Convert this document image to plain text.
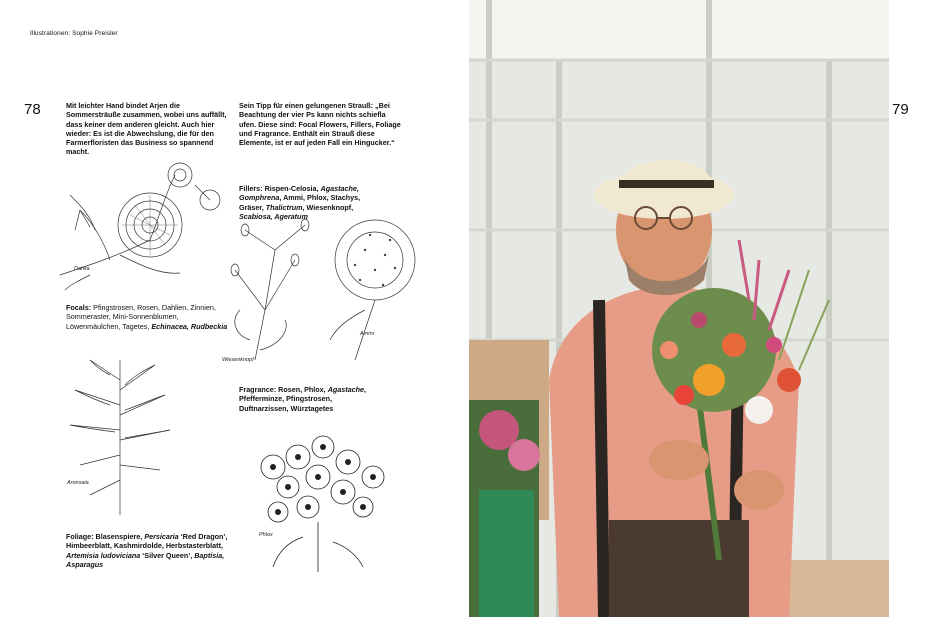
Illustrationen: Sophie Preisler
78	Mit leichter Hand bindet Arjen die Sommersträuße zusammen, wobei uns auffällt, dass keiner dem anderen gleicht. Auch hier wieder: Es ist die Abwechslung, die für den Farmerfloristen das Business so spannend macht.

Sein Tipp für einen gelungenen Strauß: „Bei Beachtung der vier Ps kann nichts schiefla ufen. Diese sind: Focal Flowers, Fillers, Foliage und Fragrance. Enthält ein Strauß diese Elemente, ist er auf jeden Fall ein Hingucker.“

Dahlia
Focals: Pfingstrosen, Rosen, Dahlien, Zinnien, Sommeraster, Mini-Sonnenblumen, Löwenmäulchen, Tagetes, Echinacea, Rudbeckia
Fillers: Rispen-Celosia, Agastache, Gomphrena, Ammi, Phlox, Stachys, Gräser, Thalictrum, Wiesenknopf, Scabiosa, Ageratum
Ammi
Wiesenknopf
Fragrance: Rosen, Phlox, Agastache, Pfefferminze, Pfingstrosen, Duftnarzissen, Würztagetes
Aronsaia
Phlox
Foliage: Blasenspiere, Persicaria ‘Red Dragon’, Himbeerblatt, Kashmirdolde, Herbstasterblatt, Artemisia ludoviciana ‘Silver Queen’, Baptisia, Asparagus
79
